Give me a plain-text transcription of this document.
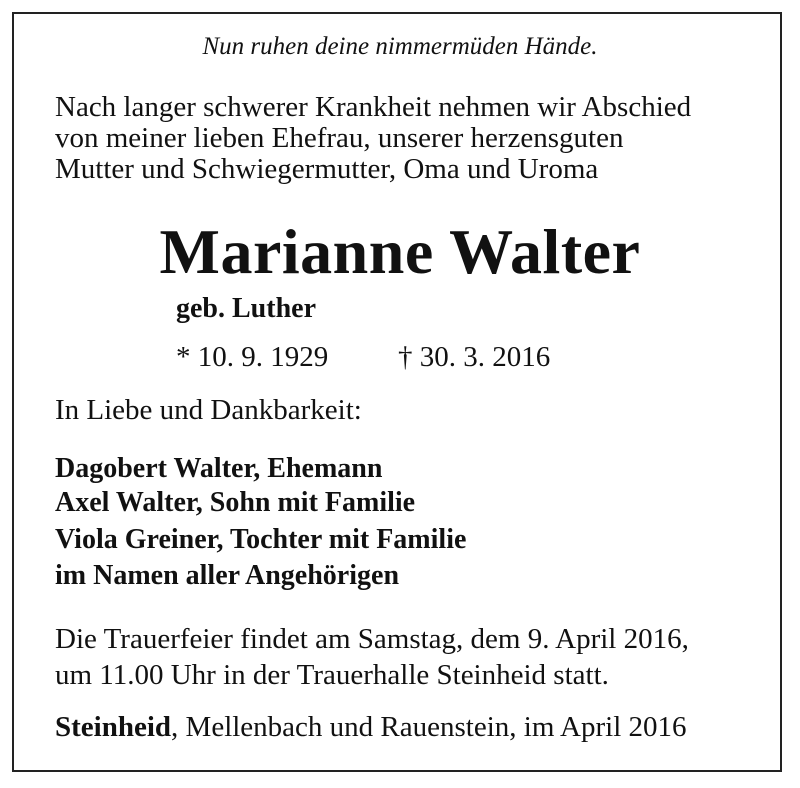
Nun ruhen deine nimmermüden Hände.
Nach langer schwerer Krankheit nehmen wir Abschied
von meiner lieben Ehefrau, unserer herzensguten
Mutter und Schwiegermutter, Oma und Uroma
Marianne Walter
geb. Luther
* 10. 9. 1929 † 30. 3. 2016
In Liebe und Dankbarkeit:
Dagobert Walter, Ehemann
Axel Walter, Sohn mit Familie
Viola Greiner, Tochter mit Familie
im Namen aller Angehörigen
Die Trauerfeier findet am Samstag, dem 9. April 2016,
um 11.00 Uhr in der Trauerhalle Steinheid statt.
Steinheid, Mellenbach und Rauenstein, im April 2016
